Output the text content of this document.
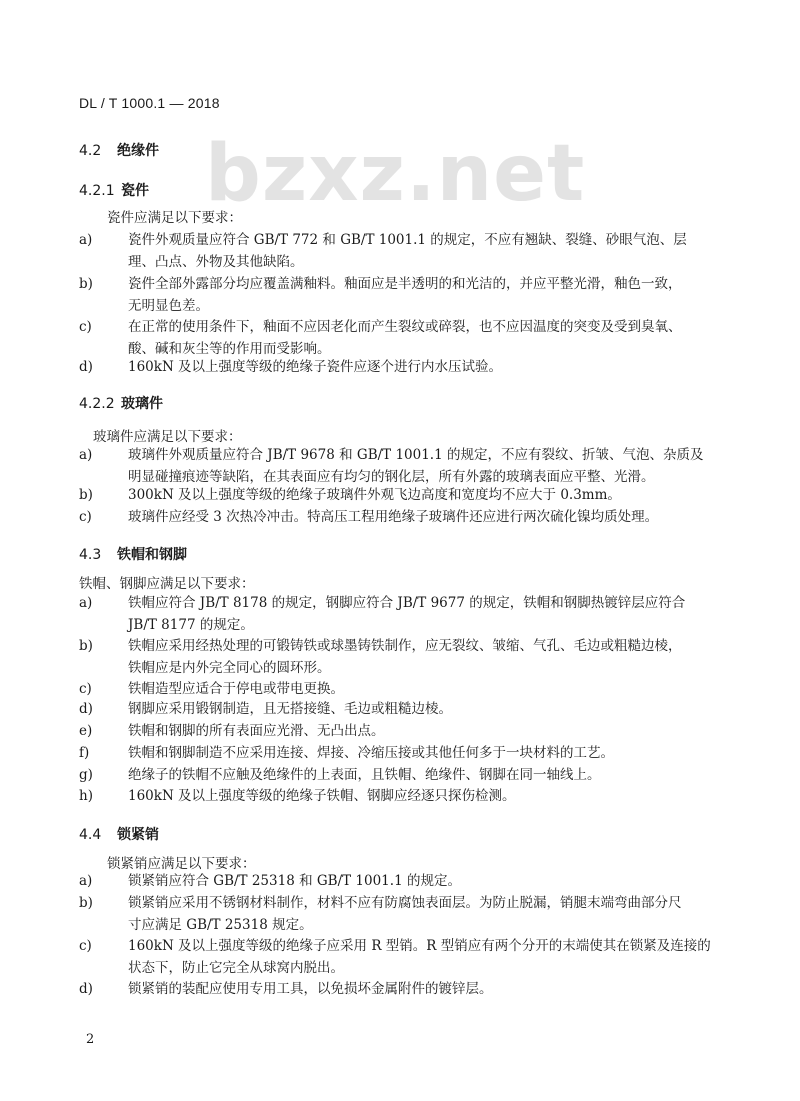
DL / T 1000.1 — 2018
bzxz.net
4.2 绝缘件
4.2.1 瓷件
瓷件应满足以下要求：
a)	瓷件外观质量应符合 GB/T 772 和 GB/T 1001.1 的规定，不应有翘缺、裂缝、砂眼气泡、层
理、凸点、外物及其他缺陷。
b)	瓷件全部外露部分均应覆盖满釉料。釉面应是半透明的和光洁的，并应平整光滑，釉色一致，
无明显色差。
c)	在正常的使用条件下，釉面不应因老化而产生裂纹或碎裂，也不应因温度的突变及受到臭氧、
酸、碱和灰尘等的作用而受影响。
d)	160kN 及以上强度等级的绝缘子瓷件应逐个进行内水压试验。
4.2.2 玻璃件
玻璃件应满足以下要求：
a)	玻璃件外观质量应符合 JB/T 9678 和 GB/T 1001.1 的规定，不应有裂纹、折皱、气泡、杂质及
明显碰撞痕迹等缺陷，在其表面应有均匀的钢化层，所有外露的玻璃表面应平整、光滑。
b)	300kN 及以上强度等级的绝缘子玻璃件外观飞边高度和宽度均不应大于 0.3mm。
c)	玻璃件应经受 3 次热冷冲击。特高压工程用绝缘子玻璃件还应进行两次硫化镍均质处理。
4.3 铁帽和钢脚
铁帽、钢脚应满足以下要求：
a)	铁帽应符合 JB/T 8178 的规定，钢脚应符合 JB/T 9677 的规定，铁帽和钢脚热镀锌层应符合
JB/T 8177 的规定。
b)	铁帽应采用经热处理的可锻铸铁或球墨铸铁制作，应无裂纹、皱缩、气孔、毛边或粗糙边棱，
铁帽应是内外完全同心的圆环形。
c)	铁帽造型应适合于停电或带电更换。
d)	钢脚应采用锻钢制造，且无搭接缝、毛边或粗糙边棱。
e)	铁帽和钢脚的所有表面应光滑、无凸出点。
f)	铁帽和钢脚制造不应采用连接、焊接、冷缩压接或其他任何多于一块材料的工艺。
g)	绝缘子的铁帽不应触及绝缘件的上表面，且铁帽、绝缘件、钢脚在同一轴线上。
h)	160kN 及以上强度等级的绝缘子铁帽、钢脚应经逐只探伤检测。
4.4 锁紧销
锁紧销应满足以下要求：
a)	锁紧销应符合 GB/T 25318 和 GB/T 1001.1 的规定。
b)	锁紧销应采用不锈钢材料制作，材料不应有防腐蚀表面层。为防止脱漏，销腿末端弯曲部分尺
寸应满足 GB/T 25318 规定。
c)	160kN 及以上强度等级的绝缘子应采用 R 型销。R 型销应有两个分开的末端使其在锁紧及连接的
状态下，防止它完全从球窝内脱出。
d)	锁紧销的装配应使用专用工具，以免损坏金属附件的镀锌层。
2
